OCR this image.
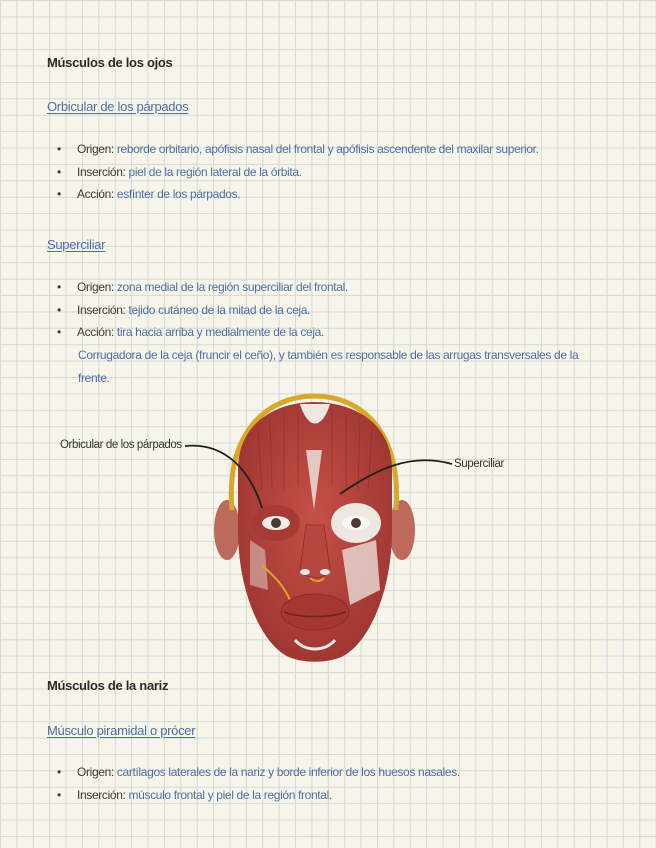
Músculos de los ojos
Orbicular de los párpados
• Origen: reborde orbitario, apófisis nasal del frontal y apófisis ascendente del maxilar superior.
• Inserción: piel de la región lateral de la órbita.
• Acción: esfínter de los párpados.
Superciliar
• Origen: zona medial de la región superciliar del frontal.
• Inserción: tejido cutáneo de la mitad de la ceja.
• Acción: tira hacia arriba y medialmente de la ceja.
Corrugadora de la ceja (fruncir el ceño), y también es responsable de las arrugas transversales de la
frente.
Orbicular de los párpados
Superciliar
Músculos de la nariz
Músculo piramidal o prócer
• Origen: cartílagos laterales de la nariz y borde inferior de los huesos nasales.
• Inserción: músculo frontal y piel de la región frontal.
